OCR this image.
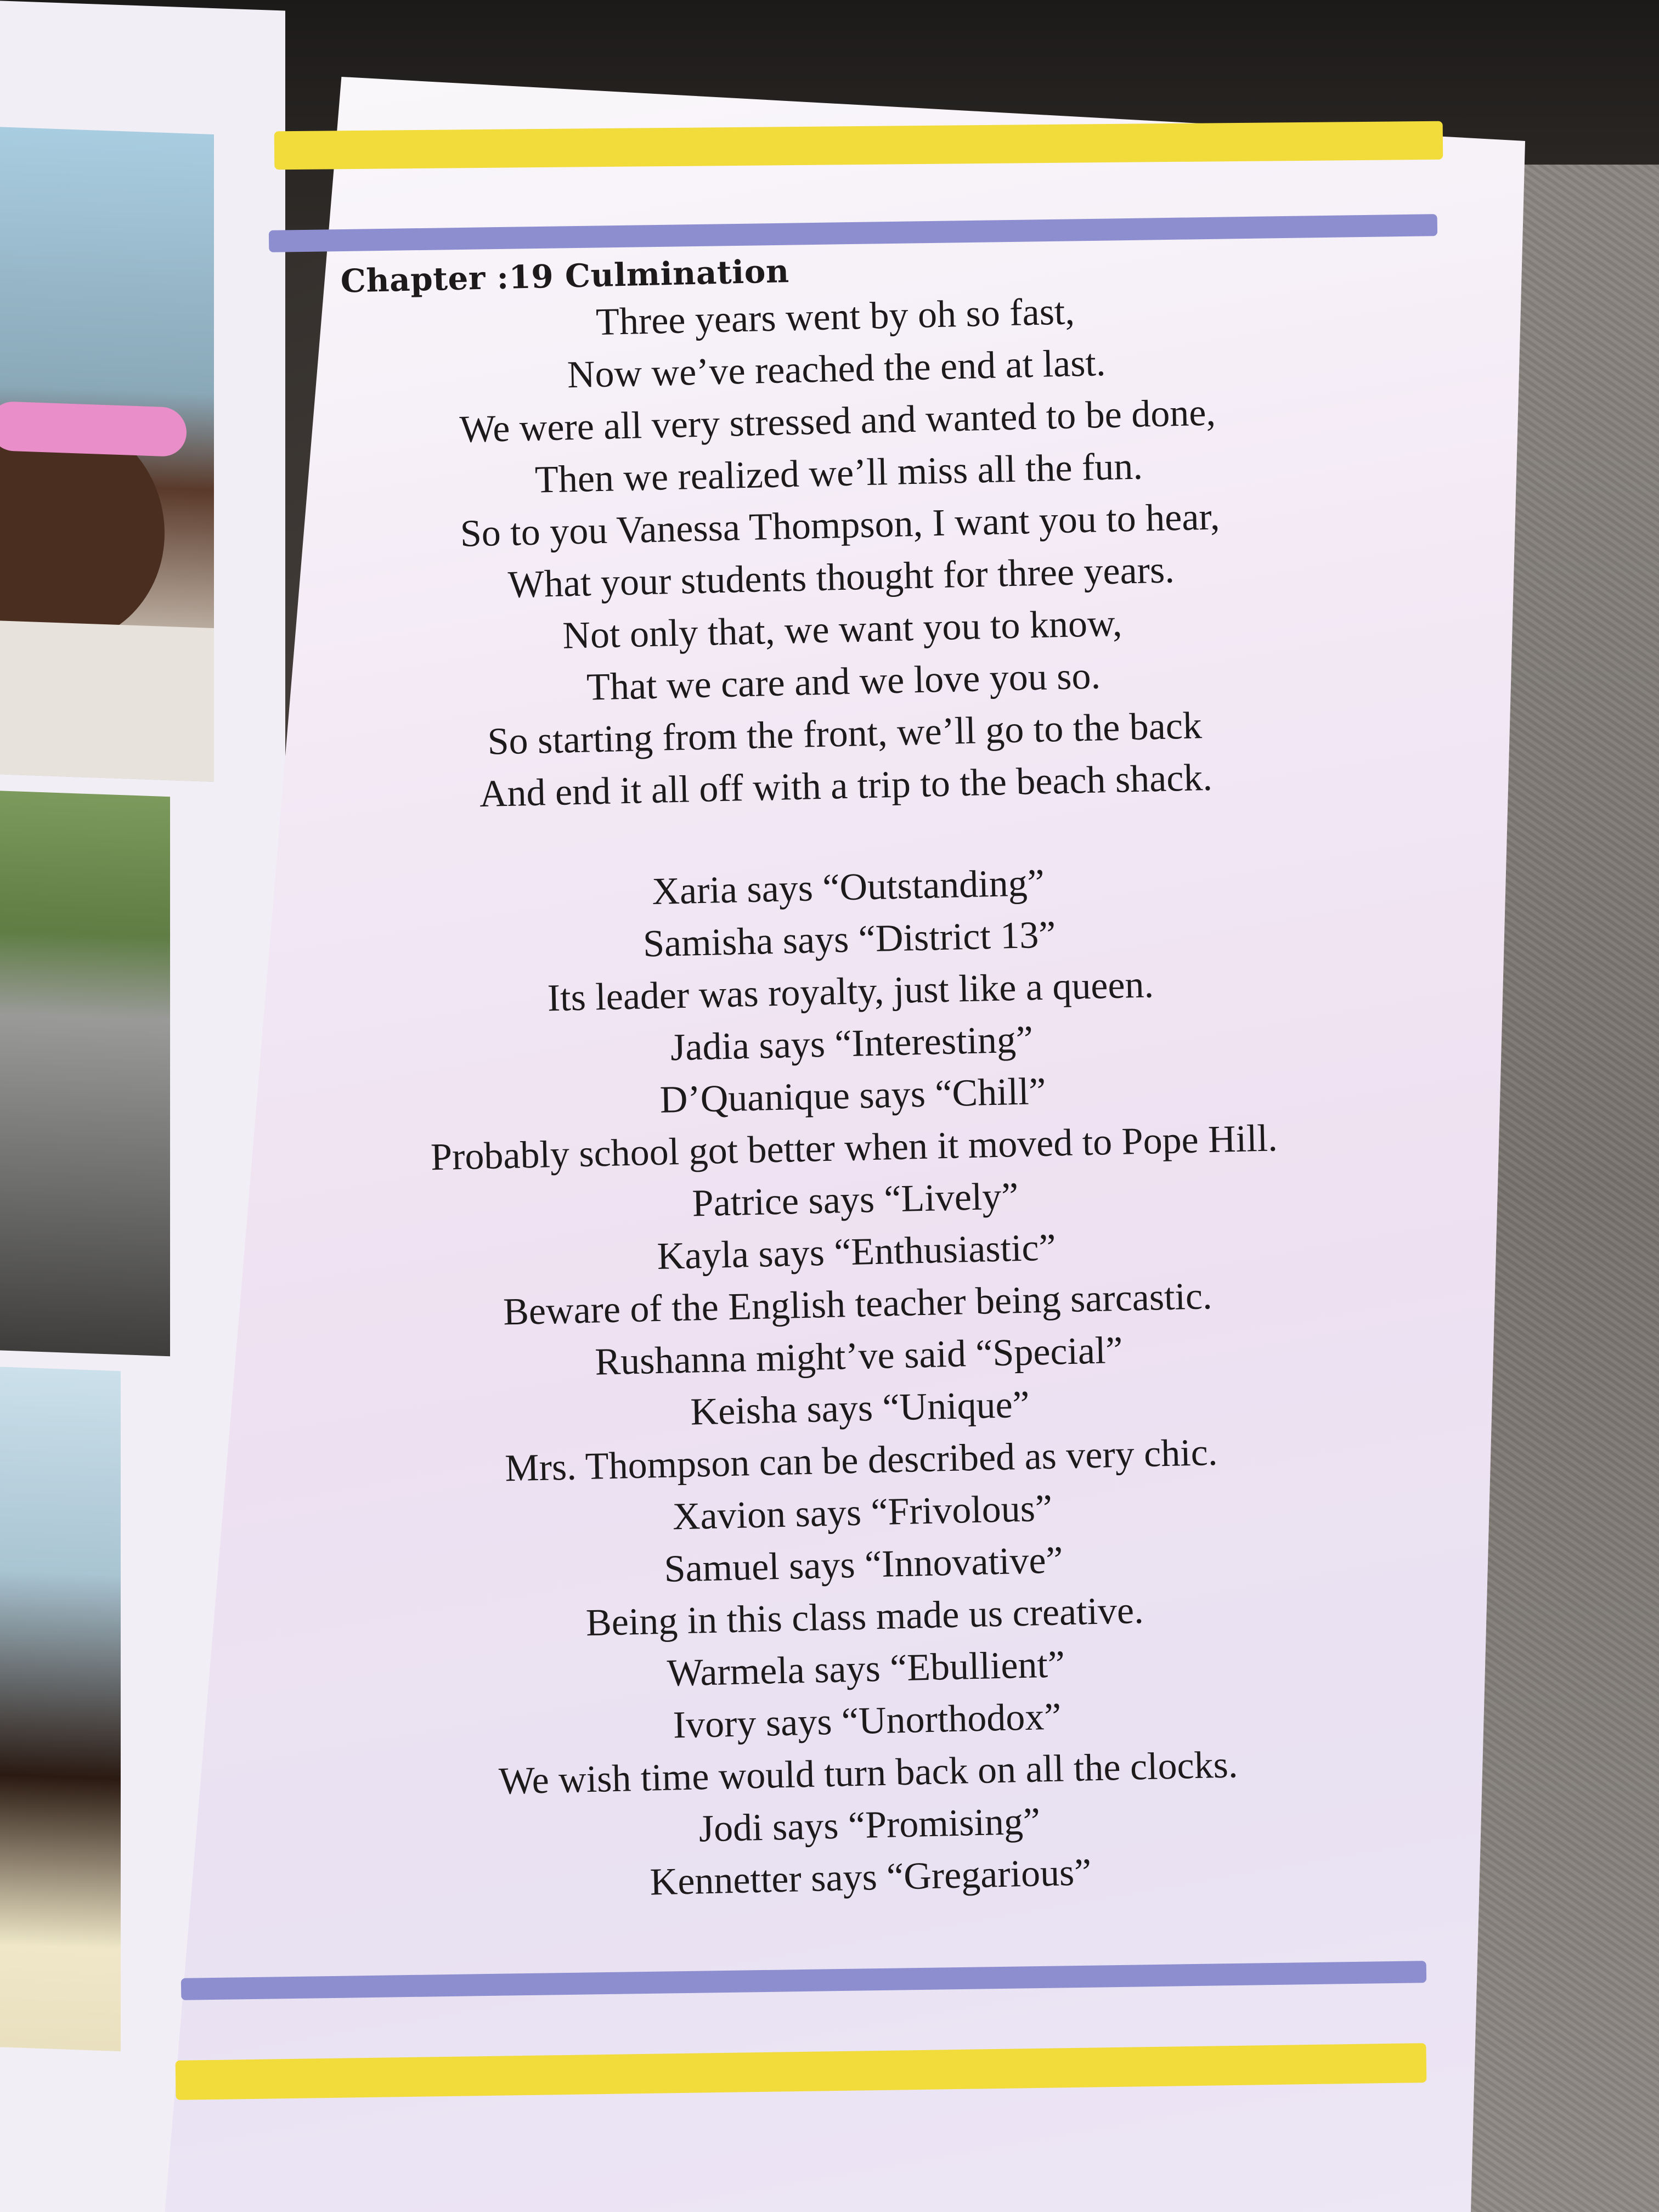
Chapter :19 Culmination

Three years went by oh so fast,

Now we’ve reached the end at last.

We were all very stressed and wanted to be done,

Then we realized we’ll miss all the fun.

So to you Vanessa Thompson, I want you to hear,

What your students thought for three years.

Not only that, we want you to know,

That we care and we love you so.

So starting from the front, we’ll go to the back

And end it all off with a trip to the beach shack.

Xaria says “Outstanding”

Samisha says “District 13”

Its leader was royalty, just like a queen.

Jadia says “Interesting”

D’Quanique says “Chill”

Probably school got better when it moved to Pope Hill.

Patrice says “Lively”

Kayla says “Enthusiastic”

Beware of the English teacher being sarcastic.

Rushanna might’ve said “Special”

Keisha says “Unique”

Mrs. Thompson can be described as very chic.

Xavion says “Frivolous”

Samuel says “Innovative”

Being in this class made us creative.

Warmela says “Ebullient”

Ivory says “Unorthodox”

We wish time would turn back on all the clocks.

Jodi says “Promising”

Kennetter says “Gregarious”
